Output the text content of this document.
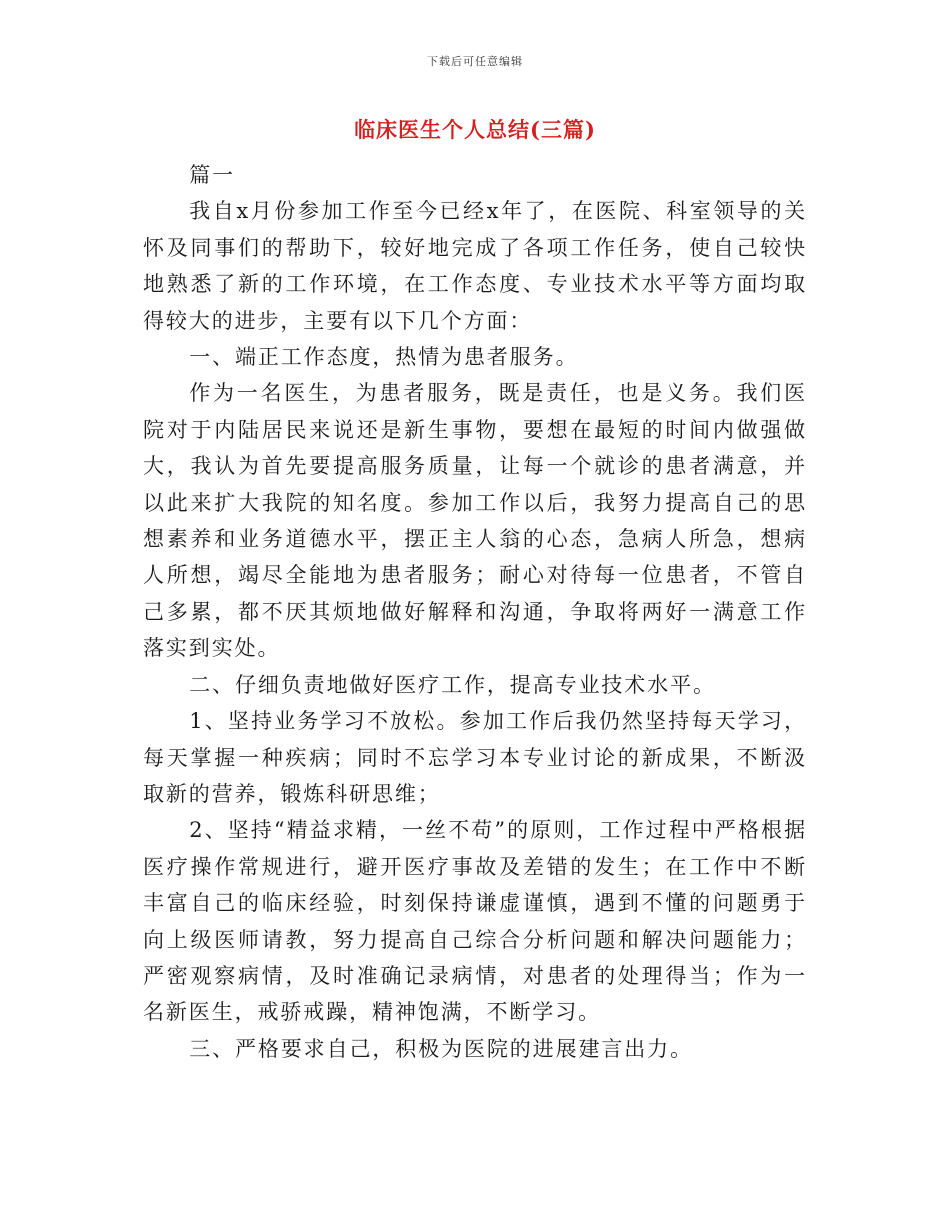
下载后可任意编辑
临床医生个人总结(三篇)

篇一

我自x月份参加工作至今已经x年了，在医院、科室领导的关怀及同事们的帮助下，较好地完成了各项工作任务，使自己较快地熟悉了新的工作环境，在工作态度、专业技术水平等方面均取得较大的进步，主要有以下几个方面：

一、端正工作态度，热情为患者服务。

作为一名医生，为患者服务，既是责任，也是义务。我们医院对于内陆居民来说还是新生事物，要想在最短的时间内做强做大，我认为首先要提高服务质量，让每一个就诊的患者满意，并以此来扩大我院的知名度。参加工作以后，我努力提高自己的思想素养和业务道德水平，摆正主人翁的心态，急病人所急，想病人所想，竭尽全能地为患者服务；耐心对待每一位患者，不管自己多累，都不厌其烦地做好解释和沟通，争取将两好一满意工作落实到实处。

二、仔细负责地做好医疗工作，提高专业技术水平。

1、坚持业务学习不放松。参加工作后我仍然坚持每天学习，每天掌握一种疾病；同时不忘学习本专业讨论的新成果，不断汲取新的营养，锻炼科研思维；

2、坚持“精益求精，一丝不苟”的原则，工作过程中严格根据医疗操作常规进行，避开医疗事故及差错的发生；在工作中不断丰富自己的临床经验，时刻保持谦虚谨慎，遇到不懂的问题勇于向上级医师请教，努力提高自己综合分析问题和解决问题能力；严密观察病情，及时准确记录病情，对患者的处理得当；作为一名新医生，戒骄戒躁，精神饱满，不断学习。

三、严格要求自己，积极为医院的进展建言出力。
